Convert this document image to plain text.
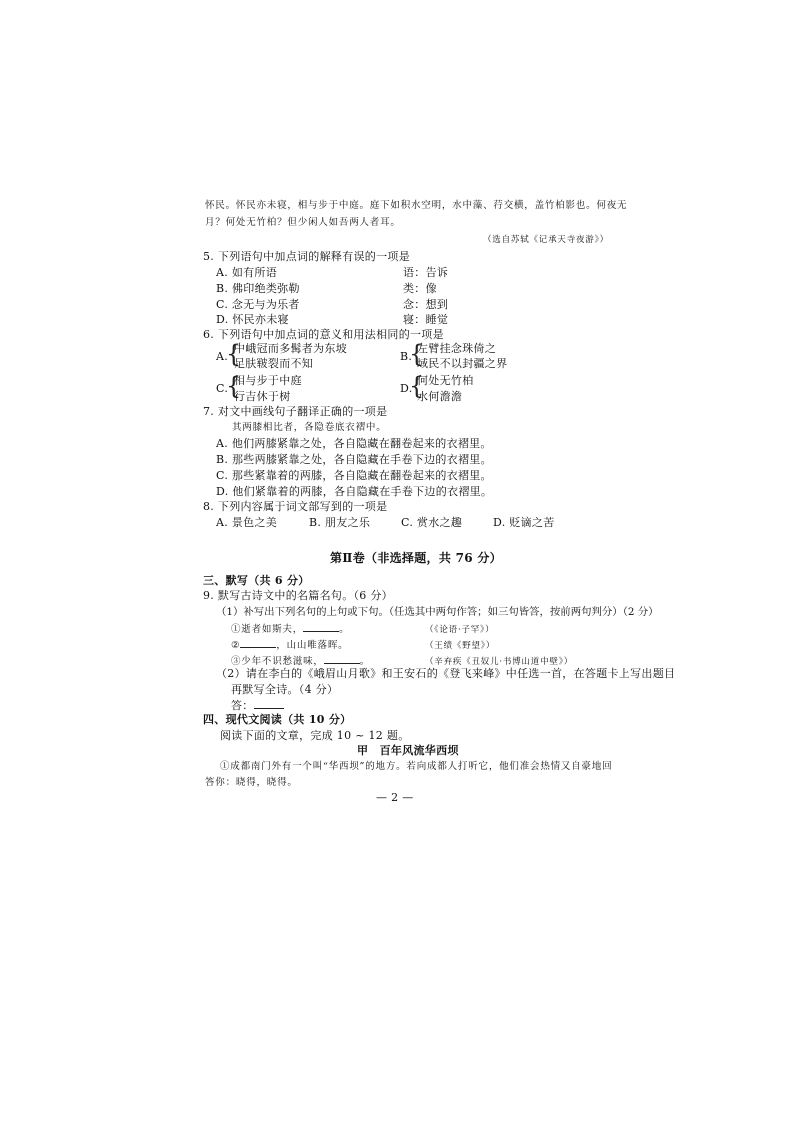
怀民。怀民亦未寝，相与步于中庭。庭下如积水空明，水中藻、荇交横，盖竹柏影也。何夜无
月？何处无竹柏？但少闲人如吾两人者耳。
（选自苏轼《记承天寺夜游》）
5. 下列语句中加点词的解释有误的一项是
A. 如有所语	语：告诉
B. 佛印绝类弥勒	类：像
C. 念无与为乐者	念：想到
D. 怀民亦未寝	寝：睡觉
6. 下列语句中加点词的意义和用法相同的一项是
A.
{
中峨冠而多髯者为东坡
足肤皲裂而不知
B.
{
左臂挂念珠倚之
域民不以封疆之界
C.
{
相与步于中庭
行吉休于树
D.
{
何处无竹柏
水何澹澹
7. 对文中画线句子翻译正确的一项是
其两膝相比者，各隐卷底衣褶中。
A. 他们两膝紧靠之处，各自隐藏在翻卷起来的衣褶里。
B. 那些两膝紧靠之处，各自隐藏在手卷下边的衣褶里。
C. 那些紧靠着的两膝，各自隐藏在翻卷起来的衣褶里。
D. 他们紧靠着的两膝，各自隐藏在手卷下边的衣褶里。
8. 下列内容属于词文部写到的一项是
A. 景色之美	B. 朋友之乐	C. 赏水之趣	D. 贬谪之苦
第Ⅱ卷（非选择题，共 76 分）
三、默写（共 6 分）
9. 默写古诗文中的名篇名句。（6 分）
（1）补写出下列名句的上句或下句。（任选其中两句作答；如三句皆答，按前两句判分）（2 分）
①逝者如斯夫，	。	（《论语·子罕》）
②	，山山唯落晖。	（王绩《野望》）
③少年不识愁滋味，	。	（辛弃疾《丑奴儿·书博山道中壁》）
（2）请在李白的《峨眉山月歌》和王安石的《登飞来峰》中任选一首，在答题卡上写出题目
再默写全诗。（4 分）
答：
四、现代文阅读（共 10 分）
阅读下面的文章，完成 10 ~ 12 题。
甲　百年风流华西坝
①成都南门外有一个叫“华西坝”的地方。若向成都人打听它，他们准会热情又自豪地回
答你：晓得，晓得。
— 2 —
